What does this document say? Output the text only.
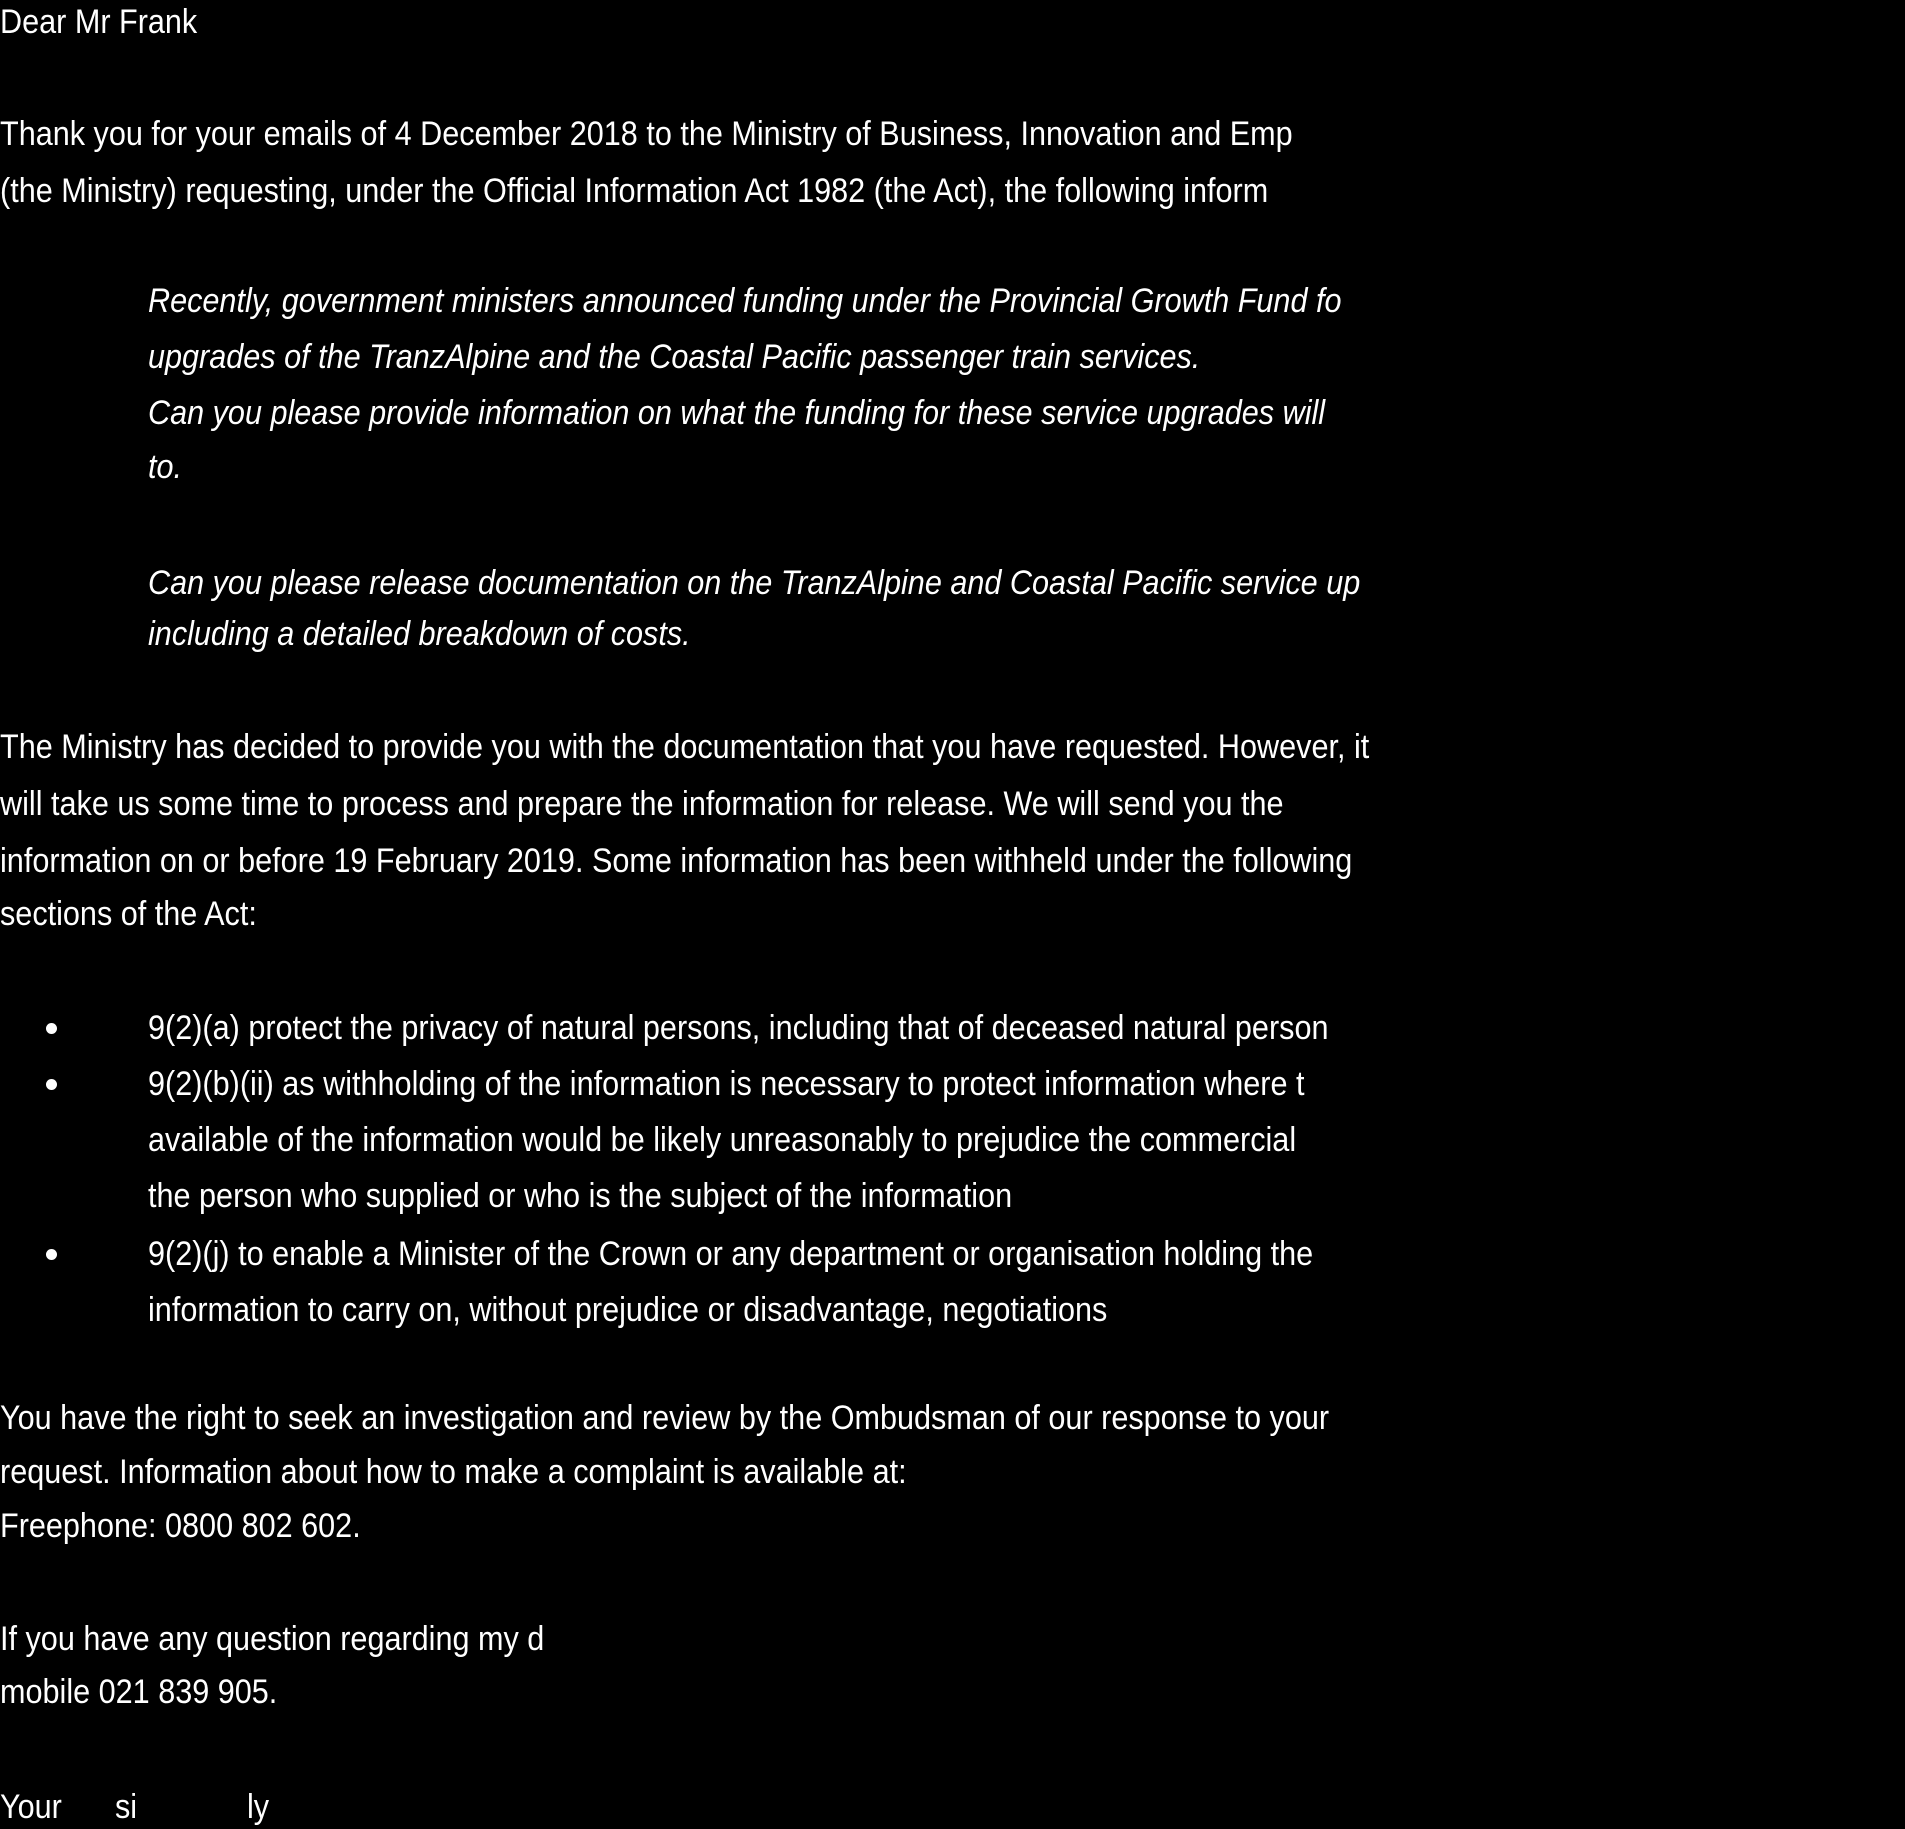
Dear Mr Frank
Thank you for your emails of 4 December 2018 to the Ministry of Business, Innovation and Emp
(the Ministry) requesting, under the Official Information Act 1982 (the Act), the following inform
Recently, government ministers announced funding under the Provincial Growth Fund fo
upgrades of the TranzAlpine and the Coastal Pacific passenger train services.
Can you please provide information on what the funding for these service upgrades will
to.
Can you please release documentation on the TranzAlpine and Coastal Pacific service up
including a detailed breakdown of costs.
The Ministry has decided to provide you with the documentation that you have requested. However, it
will take us some time to process and prepare the information for release. We will send you the
information on or before 19 February 2019. Some information has been withheld under the following
sections of the Act:
9(2)(a) protect the privacy of natural persons, including that of deceased natural person
9(2)(b)(ii) as withholding of the information is necessary to protect information where t
available of the information would be likely unreasonably to prejudice the commercial
the person who supplied or who is the subject of the information
9(2)(j) to enable a Minister of the Crown or any department or organisation holding the
information to carry on, without prejudice or disadvantage, negotiations
You have the right to seek an investigation and review by the Ombudsman of our response to your
request. Information about how to make a complaint is available at:
Freephone: 0800 802 602.
If you have any question regarding my d
mobile 021 839 905.
Your si	ly
